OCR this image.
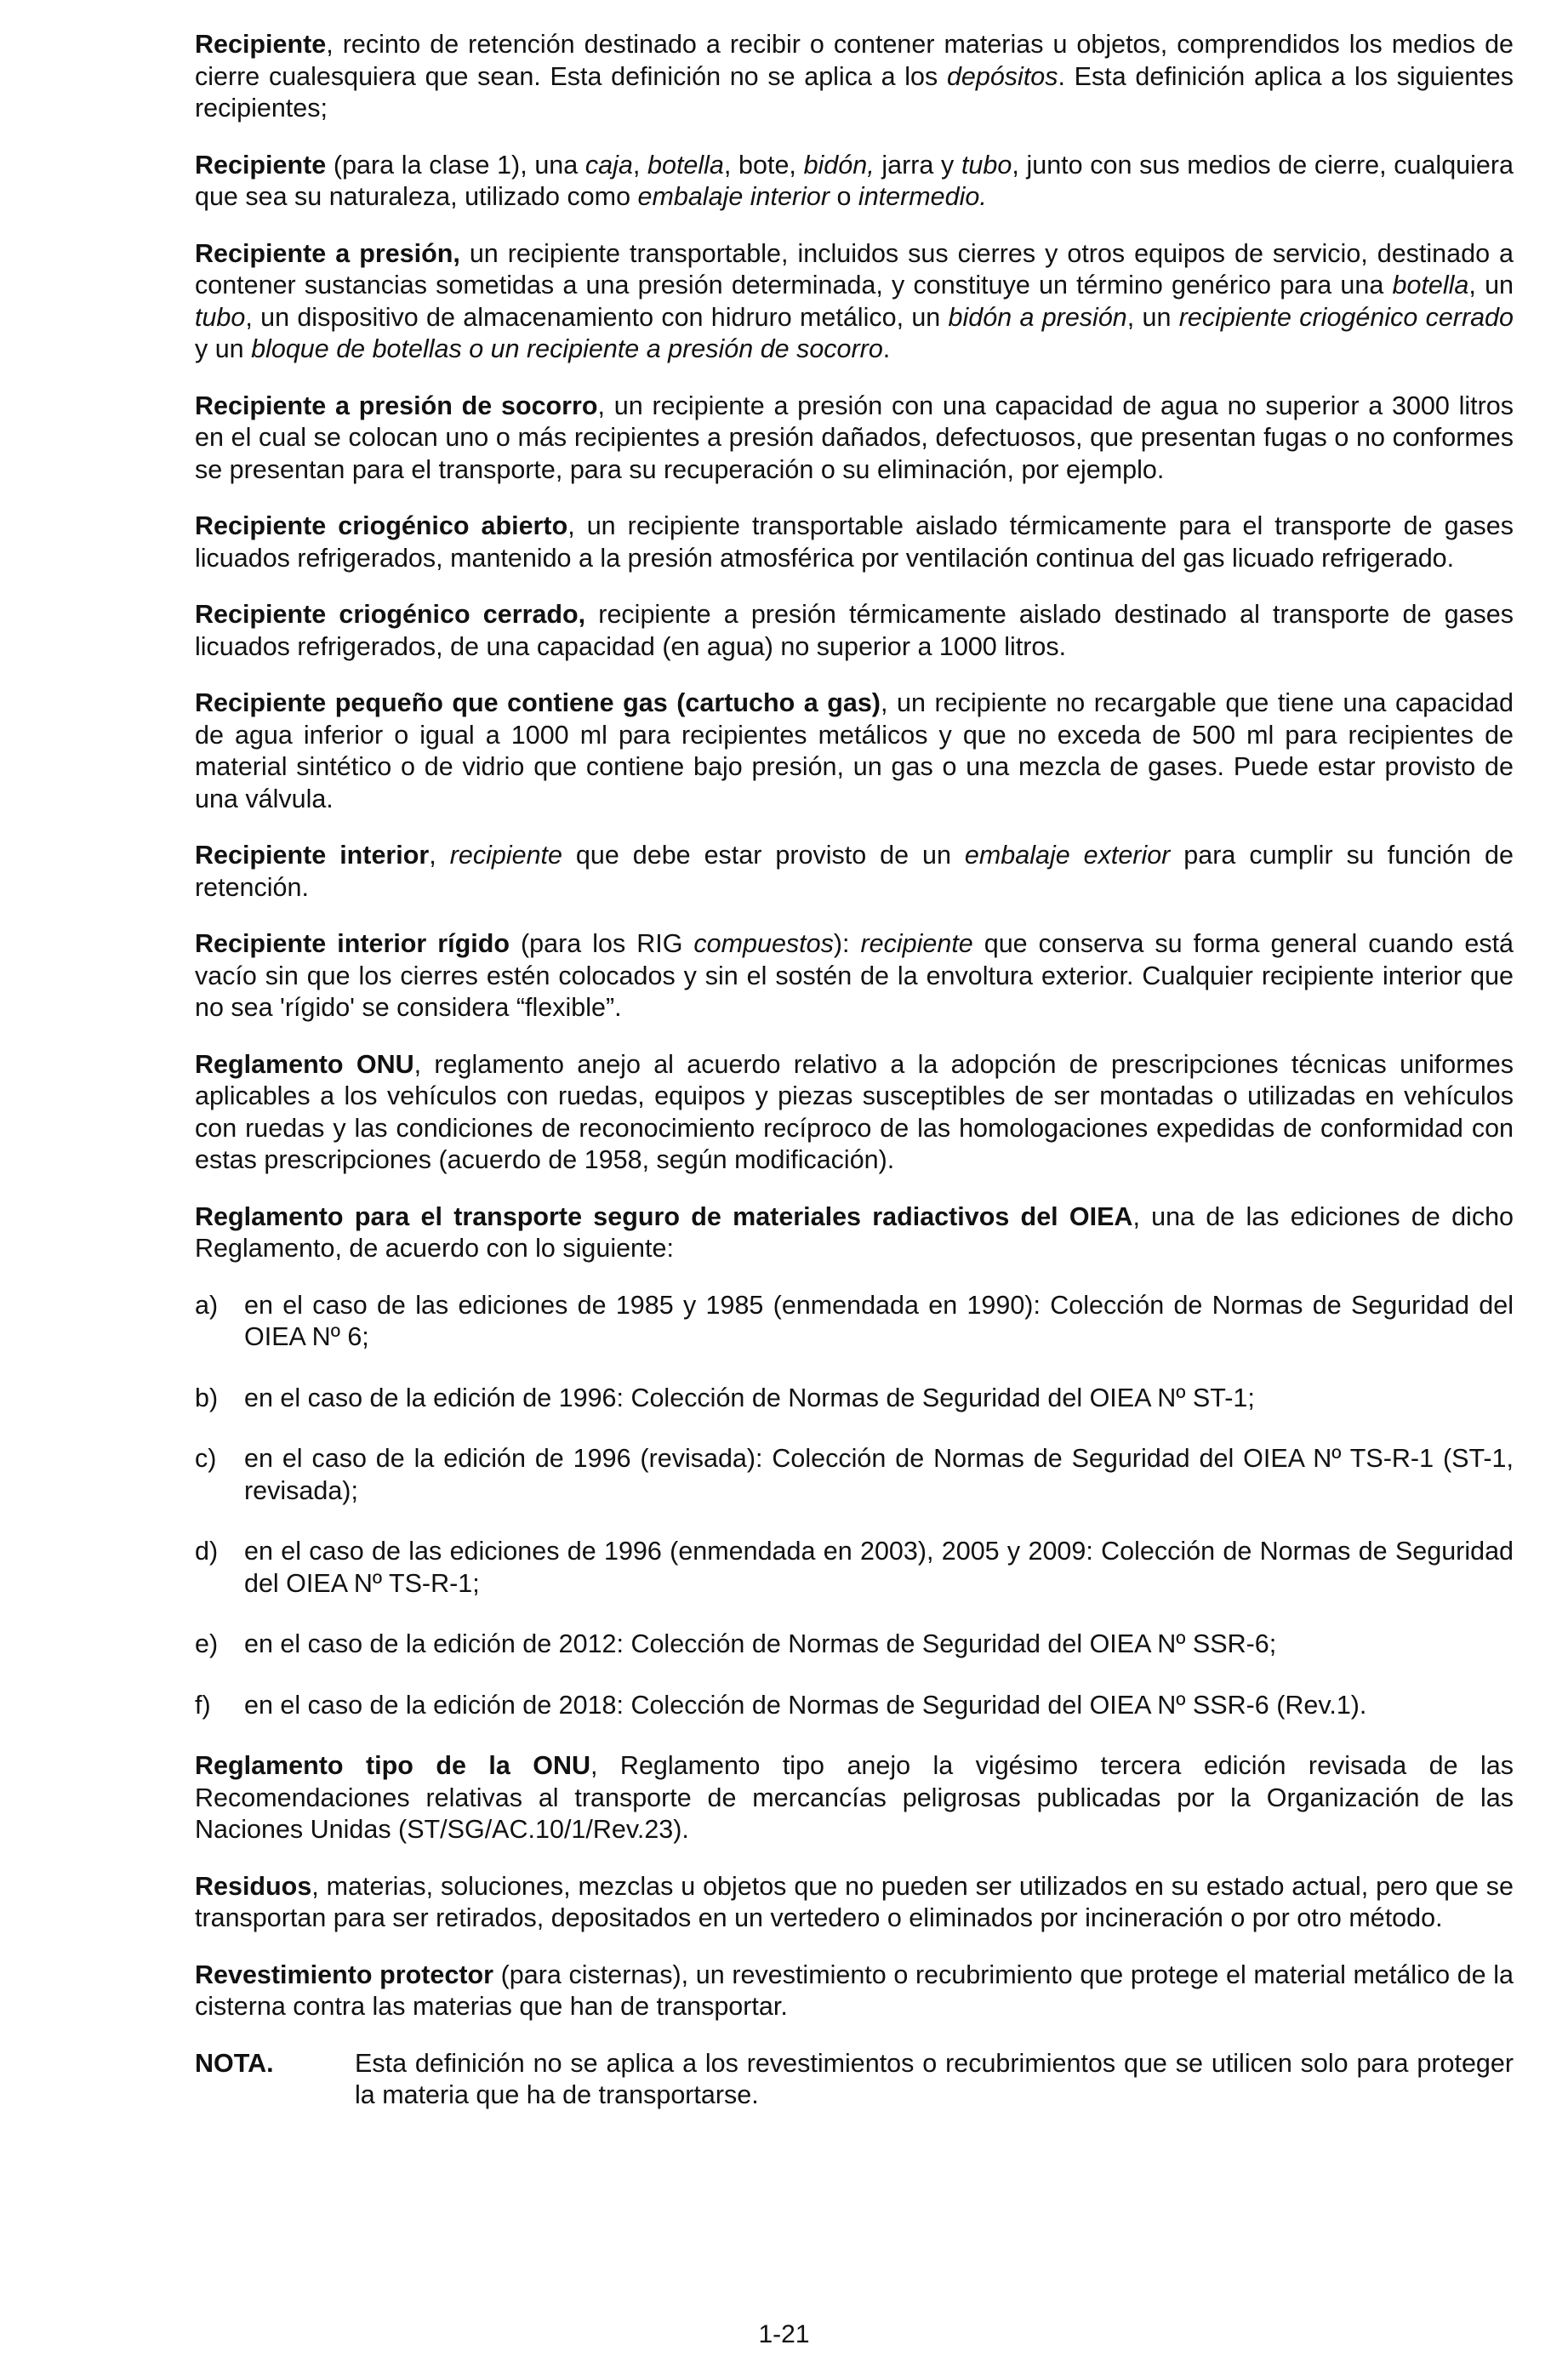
Recipiente, recinto de retención destinado a recibir o contener materias u objetos, comprendidos los medios de cierre cualesquiera que sean. Esta definición no se aplica a los depósitos. Esta definición aplica a los siguientes recipientes;

Recipiente (para la clase 1), una caja, botella, bote, bidón, jarra y tubo, junto con sus medios de cierre, cualquiera que sea su naturaleza, utilizado como embalaje interior o intermedio.

Recipiente a presión, un recipiente transportable, incluidos sus cierres y otros equipos de servicio, destinado a contener sustancias sometidas a una presión determinada, y constituye un término genérico para una botella, un tubo, un dispositivo de almacenamiento con hidruro metálico, un bidón a presión, un recipiente criogénico cerrado y un bloque de botellas o un recipiente a presión de socorro.

Recipiente a presión de socorro, un recipiente a presión con una capacidad de agua no superior a 3000 litros en el cual se colocan uno o más recipientes a presión dañados, defectuosos, que presentan fugas o no conformes se presentan para el transporte, para su recuperación o su eliminación, por ejemplo.

Recipiente criogénico abierto, un recipiente transportable aislado térmicamente para el transporte de gases licuados refrigerados, mantenido a la presión atmosférica por ventilación continua del gas licuado refrigerado.

Recipiente criogénico cerrado, recipiente a presión térmicamente aislado destinado al transporte de gases licuados refrigerados, de una capacidad (en agua) no superior a 1000 litros.

Recipiente pequeño que contiene gas (cartucho a gas), un recipiente no recargable que tiene una capacidad de agua inferior o igual a 1000 ml para recipientes metálicos y que no exceda de 500 ml para recipientes de material sintético o de vidrio que contiene bajo presión, un gas o una mezcla de gases. Puede estar provisto de una válvula.

Recipiente interior, recipiente que debe estar provisto de un embalaje exterior para cumplir su función de retención.

Recipiente interior rígido (para los RIG compuestos): recipiente que conserva su forma general cuando está vacío sin que los cierres estén colocados y sin el sostén de la envoltura exterior. Cualquier recipiente interior que no sea 'rígido' se considera “flexible”.

Reglamento ONU, reglamento anejo al acuerdo relativo a la adopción de prescripciones técnicas uniformes aplicables a los vehículos con ruedas, equipos y piezas susceptibles de ser montadas o utilizadas en vehículos con ruedas y las condiciones de reconocimiento recíproco de las homologaciones expedidas de conformidad con estas prescripciones (acuerdo de 1958, según modificación).

Reglamento para el transporte seguro de materiales radiactivos del OIEA, una de las ediciones de dicho Reglamento, de acuerdo con lo siguiente:

a)	en el caso de las ediciones de 1985 y 1985 (enmendada en 1990): Colección de Normas de Seguridad del OIEA Nº 6;
b)	en el caso de la edición de 1996: Colección de Normas de Seguridad del OIEA Nº ST-1;
c)	en el caso de la edición de 1996 (revisada): Colección de Normas de Seguridad del OIEA Nº TS-R-1 (ST-1, revisada);
d)	en el caso de las ediciones de 1996 (enmendada en 2003), 2005 y 2009: Colección de Normas de Seguridad del OIEA Nº TS-R-1;
e)	en el caso de la edición de 2012: Colección de Normas de Seguridad del OIEA Nº SSR-6;
f)	en el caso de la edición de 2018: Colección de Normas de Seguridad del OIEA Nº SSR-6 (Rev.1).

Reglamento tipo de la ONU, Reglamento tipo anejo la vigésimo tercera edición revisada de las Recomendaciones relativas al transporte de mercancías peligrosas publicadas por la Organización de las Naciones Unidas (ST/SG/AC.10/1/Rev.23).

Residuos, materias, soluciones, mezclas u objetos que no pueden ser utilizados en su estado actual, pero que se transportan para ser retirados, depositados en un vertedero o eliminados por incineración o por otro método.

Revestimiento protector (para cisternas), un revestimiento o recubrimiento que protege el material metálico de la cisterna contra las materias que han de transportar.

NOTA.	Esta definición no se aplica a los revestimientos o recubrimientos que se utilicen solo para proteger la materia que ha de transportarse.
1-21
